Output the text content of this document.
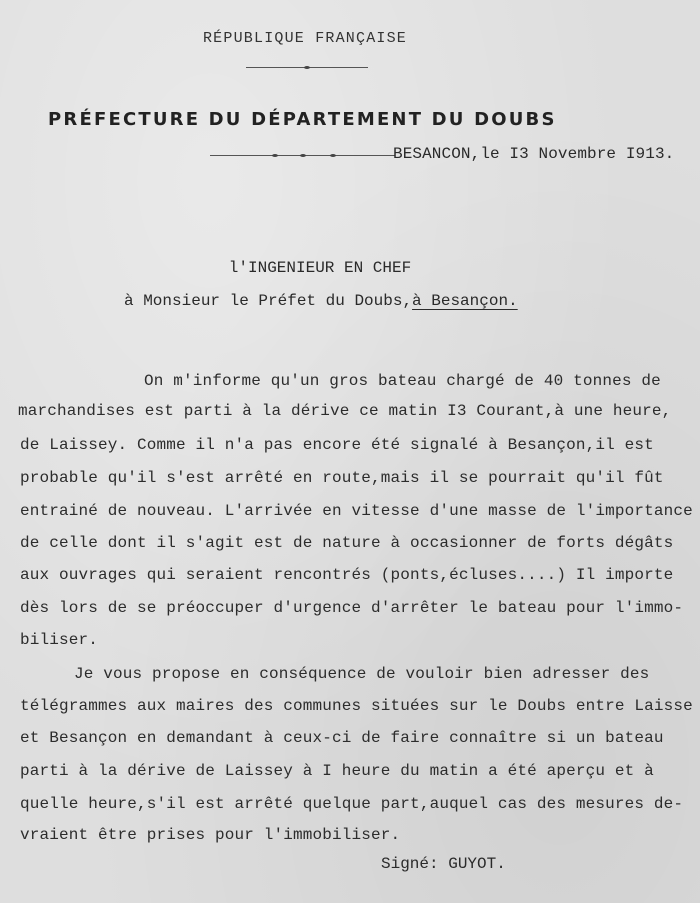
RÉPUBLIQUE FRANÇAISE
PRÉFECTURE DU DÉPARTEMENT DU DOUBS
BESANCON,le I3 Novembre I913.
l'INGENIEUR EN CHEF
à Monsieur le Préfet du Doubs,à Besançon.
On m'informe qu'un gros bateau chargé de 40 tonnes de
marchandises est parti à la dérive ce matin I3 Courant,à une heure,
de Laissey. Comme il n'a pas encore été signalé à Besançon,il est
probable qu'il s'est arrêté en route,mais il se pourrait qu'il fût
entrainé de nouveau. L'arrivée en vitesse d'une masse de l'importance
de celle dont il s'agit est de nature à occasionner de forts dégâts
aux ouvrages qui seraient rencontrés (ponts,écluses....) Il importe
dès lors de se préoccuper d'urgence d'arrêter le bateau pour l'immo-
biliser.
Je vous propose en conséquence de vouloir bien adresser des
télégrammes aux maires des communes situées sur le Doubs entre Laisse
et Besançon en demandant à ceux-ci de faire connaître si un bateau
parti à la dérive de Laissey à I heure du matin a été aperçu et à
quelle heure,s'il est arrêté quelque part,auquel cas des mesures de-
vraient être prises pour l'immobiliser.
Signé: GUYOT.
